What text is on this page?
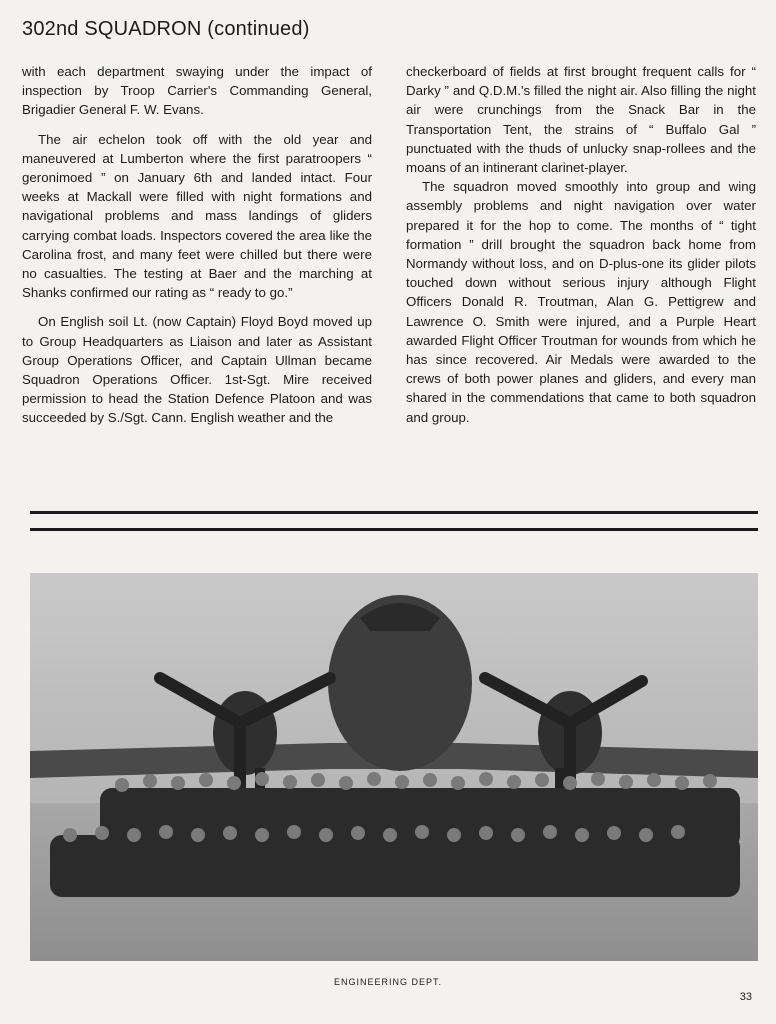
302nd SQUADRON (continued)

with each department swaying under the impact of inspection by Troop Carrier's Commanding General, Brigadier General F. W. Evans.

The air echelon took off with the old year and maneuvered at Lumberton where the first paratroopers “ geronimoed ” on January 6th and landed intact. Four weeks at Mackall were filled with night formations and navigational problems and mass landings of gliders carrying combat loads. Inspectors covered the area like the Carolina frost, and many feet were chilled but there were no casualties. The testing at Baer and the marching at Shanks confirmed our rating as “ ready to go.”

On English soil Lt. (now Captain) Floyd Boyd moved up to Group Headquarters as Liaison and later as Assistant Group Operations Officer, and Captain Ullman became Squadron Operations Officer. 1st-Sgt. Mire received permission to head the Station Defence Platoon and was succeeded by S./Sgt. Cann. English weather and the

checkerboard of fields at first brought frequent calls for “ Darky ” and Q.D.M.'s filled the night air. Also filling the night air were crunchings from the Snack Bar in the Transportation Tent, the strains of “ Buffalo Gal ” punctuated with the thuds of unlucky snap-rollees and the moans of an intinerant clarinet-player.

The squadron moved smoothly into group and wing assembly problems and night navigation over water prepared it for the hop to come. The months of “ tight formation ” drill brought the squadron back home from Normandy without loss, and on D-plus-one its glider pilots touched down without serious injury although Flight Officers Donald R. Troutman, Alan G. Pettigrew and Lawrence O. Smith were injured, and a Purple Heart awarded Flight Officer Troutman for wounds from which he has since recovered. Air Medals were awarded to the crews of both power planes and gliders, and every man shared in the commendations that came to both squadron and group.

ENGINEERING DEPT.
33
